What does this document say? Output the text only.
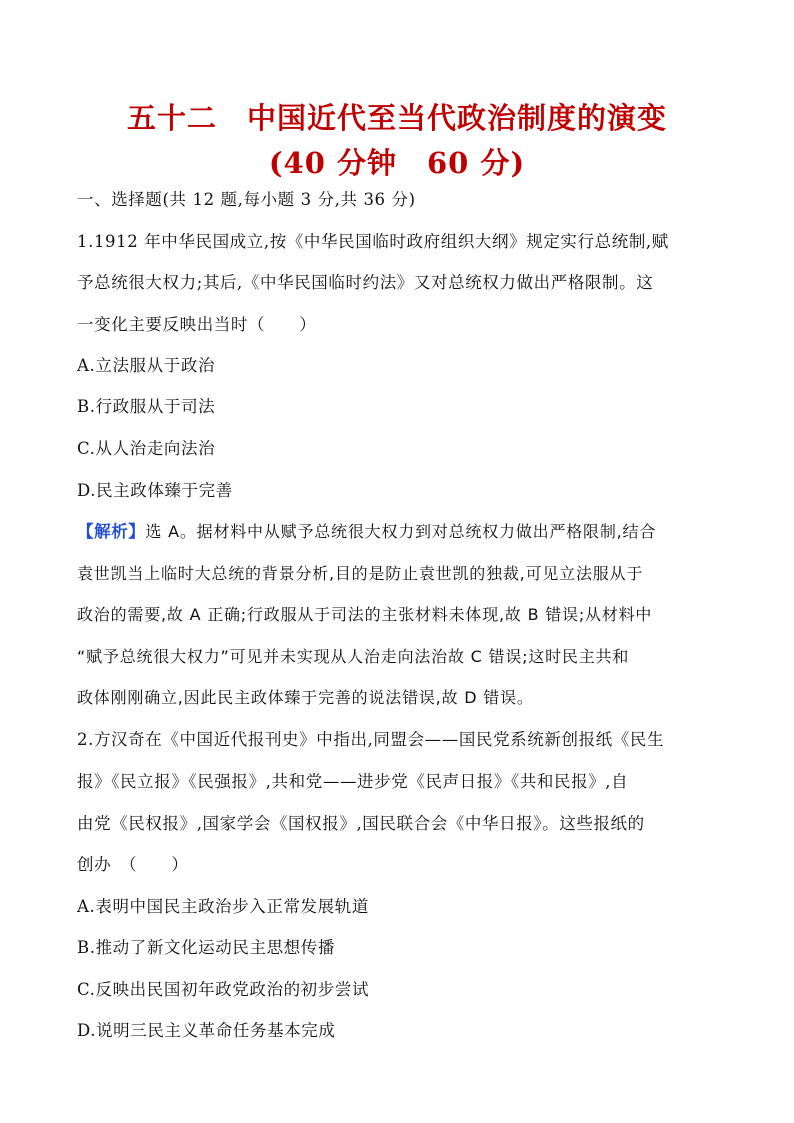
五十二　中国近代至当代政治制度的演变
(40 分钟　60 分)
一、选择题(共 12 题,每小题 3 分,共 36 分)
1.1912 年中华民国成立,按《中华民国临时政府组织大纲》规定实行总统制,赋
予总统很大权力;其后,《中华民国临时约法》又对总统权力做出严格限制。这
一变化主要反映出当时（　　）
A.立法服从于政治
B.行政服从于司法
C.从人治走向法治
D.民主政体臻于完善
【解析】选 A。据材料中从赋予总统很大权力到对总统权力做出严格限制,结合
袁世凯当上临时大总统的背景分析,目的是防止袁世凯的独裁,可见立法服从于
政治的需要,故 A 正确;行政服从于司法的主张材料未体现,故 B 错误;从材料中
“赋予总统很大权力”可见并未实现从人治走向法治故 C 错误;这时民主共和
政体刚刚确立,因此民主政体臻于完善的说法错误,故 D 错误。
2.方汉奇在《中国近代报刊史》中指出,同盟会——国民党系统新创报纸《民生
报》《民立报》《民强报》,共和党——进步党《民声日报》《共和民报》,自
由党《民权报》,国家学会《国权报》,国民联合会《中华日报》。这些报纸的
创办　（　　）
A.表明中国民主政治步入正常发展轨道
B.推动了新文化运动民主思想传播
C.反映出民国初年政党政治的初步尝试
D.说明三民主义革命任务基本完成
